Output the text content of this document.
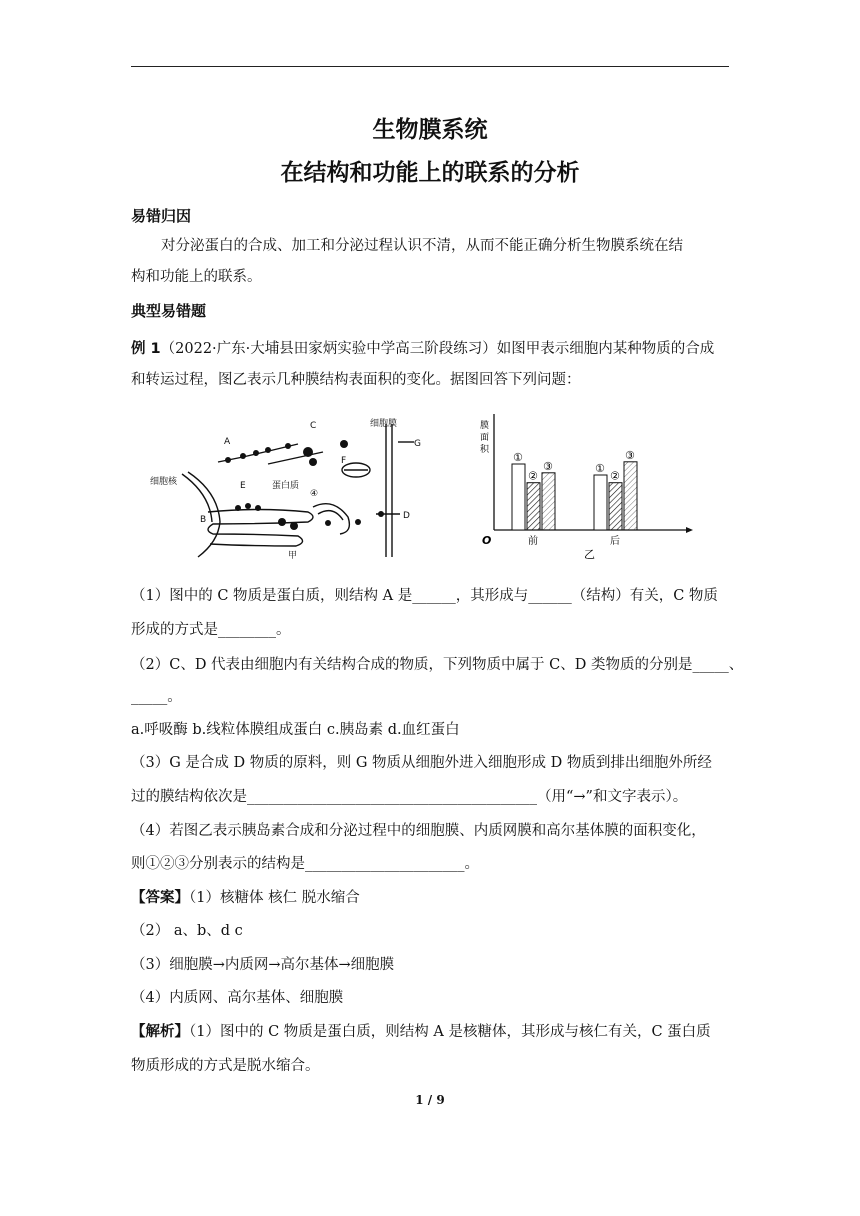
生物膜系统
在结构和功能上的联系的分析
易错归因
对分泌蛋白的合成、加工和分泌过程认识不清，从而不能正确分析生物膜系统在结
构和功能上的联系。
典型易错题
例 1（2022·广东·大埔县田家炳实验中学高三阶段练习）如图甲表示细胞内某种物质的合成
和转运过程，图乙表示几种膜结构表面积的变化。据图回答下列问题：
A
C
F
细胞膜
G
细胞核	E	蛋白质
④
B	D
甲
膜
面
积
O
①
②
③
前
①
②
③
后
乙
（1）图中的 C 物质是蛋白质，则结构 A 是______，其形成与______（结构）有关，C 物质
形成的方式是________。
（2）C、D 代表由细胞内有关结构合成的物质，下列物质中属于 C、D 类物质的分别是_____、
_____。
a.呼吸酶 b.线粒体膜组成蛋白 c.胰岛素 d.血红蛋白
（3）G 是合成 D 物质的原料，则 G 物质从细胞外进入细胞形成 D 物质到排出细胞外所经
过的膜结构依次是________________________________________（用“→”和文字表示）。
（4）若图乙表示胰岛素合成和分泌过程中的细胞膜、内质网膜和高尔基体膜的面积变化，
则①②③分别表示的结构是______________________。
【答案】（1）核糖体 核仁 脱水缩合
（2） a、b、d c
（3）细胞膜→内质网→高尔基体→细胞膜
（4）内质网、高尔基体、细胞膜
【解析】（1）图中的 C 物质是蛋白质，则结构 A 是核糖体，其形成与核仁有关，C 蛋白质
物质形成的方式是脱水缩合。
1 / 9
